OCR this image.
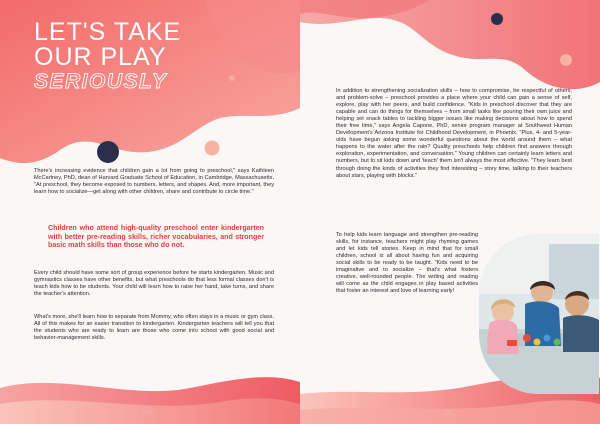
LET'S TAKE
OUR PLAY
SERIOUSLY

There's increasing evidence that children gain a lot from going to preschool," says Kathleen McCartney, PhD, dean of Harvard Graduate School of Education, in Cambridge, Massachusetts. "At preschool, they become exposed to numbers, letters, and shapes. And, more important, they learn how to socialize—get along with other children, share and contribute to circle time."

Children who attend high-quality preschool enter kindergarten with better pre-reading skills, richer vocabularies, and stronger basic math skills than those who do not.

Every child should have some sort of group experience before he starts kindergarten. Music and gymnastics classes have other benefits, but what preschools do that less formal classes don't is teach kids how to be students. Your child will learn how to raise her hand, take turns, and share the teacher's attention.

What's more, she'll learn how to separate from Mommy, who often stays in a music or gym class. All of this makes for an easier transition to kindergarten. Kindergarten teachers will tell you that the students who are ready to learn are those who come into school with good social and behavior-management skills.

| 2 |

In addition to strengthening socialization skills – how to compromise, be respectful of others, and problem-solve – preschool provides a place where your child can gain a sense of self, explore, play with her peers, and build confidence. "Kids in preschool discover that they are capable and can do things for themselves – from small tasks like pouring their own juice and helping set snack tables to tackling bigger issues like making decisions about how to spend their free time," says Angela Capone, PhD, senior program manager at Southwest Human Development's Arizona Institute for Childhood Development, in Phoenix. "Plus, 4- and 5-year-olds have begun asking some wonderful questions about the world around them – what happens to the water after the rain? Quality preschools help children find answers through exploration, experimentation, and conversation." Young children can certainly learn letters and numbers, but to sit kids down and 'teach' them isn't always the most effective. "They learn best through doing the kinds of activities they find interesting – story time, talking to their teachers about stars, playing with blocks."

To help kids learn language and strengthen pre-reading skills, for instance, teachers might play rhyming games and let kids tell stories. Keep in mind that for small children, school is all about having fun and acquiring social skills to be ready to be taught. "Kids need to be imaginative and to socialize – that's what fosters creative, well-rounded people. The writing and reading will come as the child engages in play based activities that foster an interest and love of learning early!

| 3 |
